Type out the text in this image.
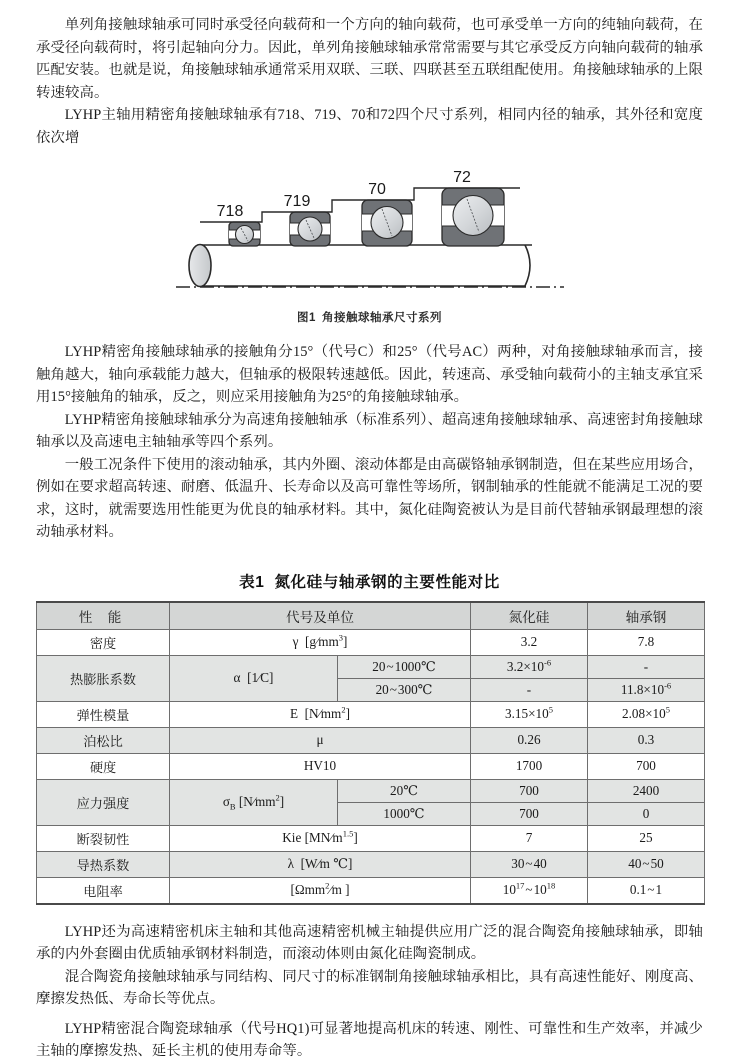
单列角接触球轴承可同时承受径向载荷和一个方向的轴向载荷，也可承受单一方向的纯轴向载荷，在承受径向载荷时，将引起轴向分力。因此，单列角接触球轴承常常需要与其它承受反方向轴向载荷的轴承匹配安装。也就是说，角接触球轴承通常采用双联、三联、四联甚至五联组配使用。角接触球轴承的上限转速较高。

LYHP主轴用精密角接触球轴承有718、719、70和72四个尺寸系列，相同内径的轴承，其外径和宽度依次增

718
719
70
72
图1 角接触球轴承尺寸系列

LYHP精密角接触球轴承的接触角分15°（代号C）和25°（代号AC）两种，对角接触球轴承而言，接触角越大，轴向承载能力越大，但轴承的极限转速越低。因此，转速高、承受轴向载荷小的主轴支承宜采用15°接触角的轴承，反之，则应采用接触角为25°的角接触球轴承。

LYHP精密角接触球轴承分为高速角接触轴承（标准系列）、超高速角接触球轴承、高速密封角接触球轴承以及高速电主轴轴承等四个系列。

一般工况条件下使用的滚动轴承，其内外圈、滚动体都是由高碳铬轴承钢制造，但在某些应用场合，例如在要求超高转速、耐磨、低温升、长寿命以及高可靠性等场所，钢制轴承的性能就不能满足工况的要求，这时，就需要选用性能更为优良的轴承材料。其中，氮化硅陶瓷被认为是目前代替轴承钢最理想的滚动轴承材料。

表1 氮化硅与轴承钢的主要性能对比
性 能	代号及单位		氮化硅	轴承钢
密度	γ  $[g∕mm^3]$		3.2	7.8
热膨胀系数	α  [1∕C]	20~1000℃	$3.2\times 10^{-6}$	-
		20~300℃	-	$11.8\times 10^{-6}$
弹性模量	E  $[N∕mm^2]$		$3.15\times 10^5$	$2.08\times 10^5$
泊松比	μ		0.26	0.3
硬度	HV10		1700	700
应力强度	$\sigma_B$ $[N∕mm^2]$	20℃	700	2400
		1000℃	700	0
断裂韧性	Kie $[MN∕m^{1.5}]$		7	25
导热系数	λ  [W∕m ℃]		30~40	40~50
电阻率	[Ωmm$^2$∕m ]		$10^{17}\sim 10^{18}$	0.1~1

LYHP还为高速精密机床主轴和其他高速精密机械主轴提供应用广泛的混合陶瓷角接触球轴承，即轴承的内外套圈由优质轴承钢材料制造，而滚动体则由氮化硅陶瓷制成。

混合陶瓷角接触球轴承与同结构、同尺寸的标准钢制角接触球轴承相比，具有高速性能好、刚度高、摩擦发热低、寿命长等优点。

LYHP精密混合陶瓷球轴承（代号HQ1)可显著地提高机床的转速、刚性、可靠性和生产效率，并减少主轴的摩擦发热、延长主机的使用寿命等。
